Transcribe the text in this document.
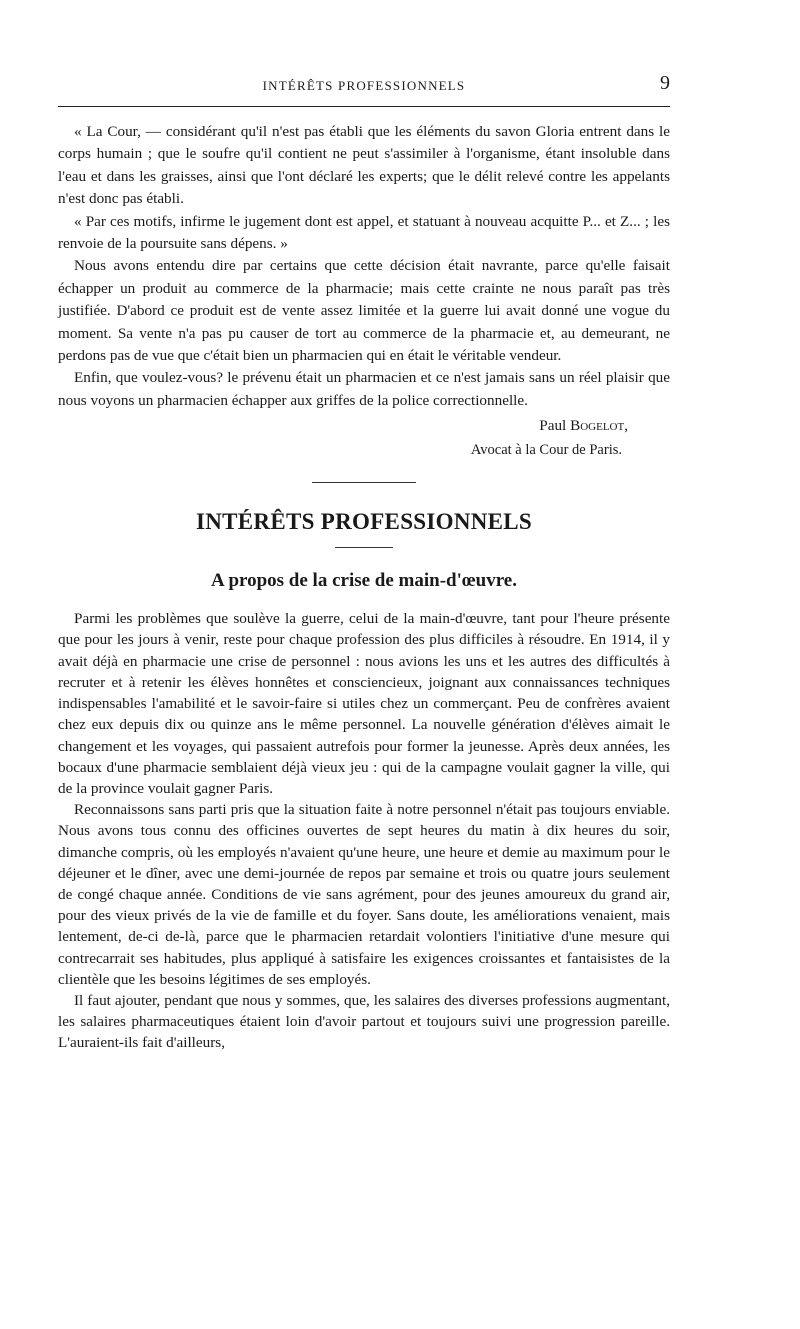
INTÉRÊTS PROFESSIONNELS	9

« La Cour, — considérant qu'il n'est pas établi que les éléments du savon Gloria entrent dans le corps humain ; que le soufre qu'il contient ne peut s'assimiler à l'organisme, étant insoluble dans l'eau et dans les graisses, ainsi que l'ont déclaré les experts; que le délit relevé contre les appelants n'est donc pas établi.

« Par ces motifs, infirme le jugement dont est appel, et statuant à nouveau acquitte P... et Z... ; les renvoie de la poursuite sans dépens. »

Nous avons entendu dire par certains que cette décision était navrante, parce qu'elle faisait échapper un produit au commerce de la pharmacie; mais cette crainte ne nous paraît pas très justifiée. D'abord ce produit est de vente assez limitée et la guerre lui avait donné une vogue du moment. Sa vente n'a pas pu causer de tort au commerce de la pharmacie et, au demeurant, ne perdons pas de vue que c'était bien un pharmacien qui en était le véritable vendeur.

Enfin, que voulez-vous? le prévenu était un pharmacien et ce n'est jamais sans un réel plaisir que nous voyons un pharmacien échapper aux griffes de la police correctionnelle.

Paul Bogelot,
Avocat à la Cour de Paris.
INTÉRÊTS PROFESSIONNELS
A propos de la crise de main-d'œuvre.

Parmi les problèmes que soulève la guerre, celui de la main-d'œuvre, tant pour l'heure présente que pour les jours à venir, reste pour chaque profession des plus difficiles à résoudre. En 1914, il y avait déjà en pharmacie une crise de personnel : nous avions les uns et les autres des difficultés à recruter et à retenir les élèves honnêtes et consciencieux, joignant aux connaissances techniques indispensables l'amabilité et le savoir-faire si utiles chez un commerçant. Peu de confrères avaient chez eux depuis dix ou quinze ans le même personnel. La nouvelle génération d'élèves aimait le changement et les voyages, qui passaient autrefois pour former la jeunesse. Après deux années, les bocaux d'une pharmacie semblaient déjà vieux jeu : qui de la campagne voulait gagner la ville, qui de la province voulait gagner Paris.

Reconnaissons sans parti pris que la situation faite à notre personnel n'était pas toujours enviable. Nous avons tous connu des officines ouvertes de sept heures du matin à dix heures du soir, dimanche compris, où les employés n'avaient qu'une heure, une heure et demie au maximum pour le déjeuner et le dîner, avec une demi-journée de repos par semaine et trois ou quatre jours seulement de congé chaque année. Conditions de vie sans agrément, pour des jeunes amoureux du grand air, pour des vieux privés de la vie de famille et du foyer. Sans doute, les améliorations venaient, mais lentement, de-ci de-là, parce que le pharmacien retardait volontiers l'initiative d'une mesure qui contrecarrait ses habitudes, plus appliqué à satisfaire les exigences croissantes et fantaisistes de la clientèle que les besoins légitimes de ses employés.

Il faut ajouter, pendant que nous y sommes, que, les salaires des diverses professions augmentant, les salaires pharmaceutiques étaient loin d'avoir partout et toujours suivi une progression pareille. L'auraient-ils fait d'ailleurs,
